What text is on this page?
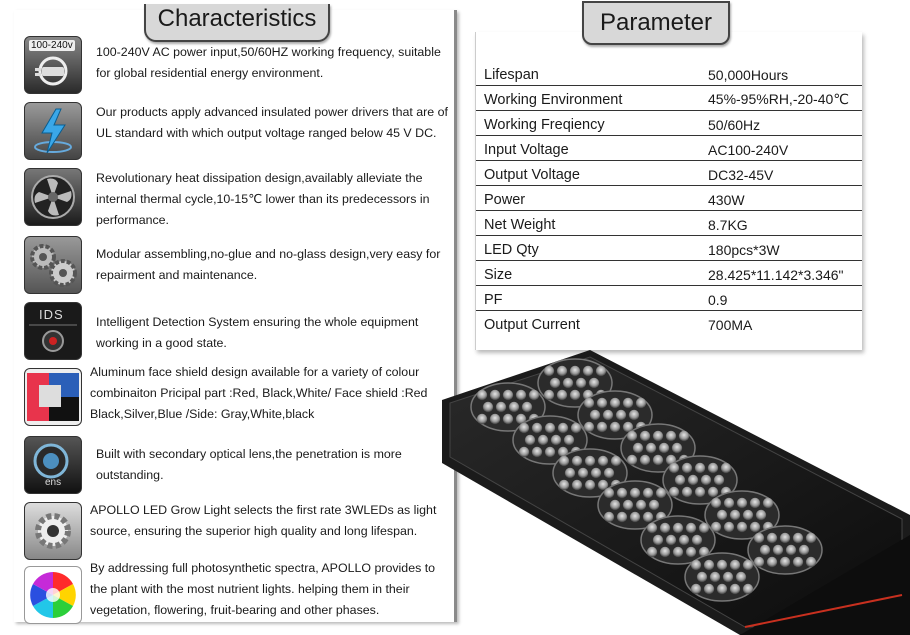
Characteristics
100-240v 100-240V AC power input,50/60HZ working frequency, suitable for global residential energy environment.
Our products apply advanced insulated power drivers that are of UL standard with which output voltage ranged below 45 V DC.
Revolutionary heat dissipation design,availably alleviate the internal thermal cycle,10-15℃ lower than its predecessors in performance.
Modular assembling,no-glue and no-glass design,very easy for repairment and maintenance.
IDS	Intelligent Detection System ensuring the whole equipment working in a good state.
Aluminum face shield design available for a variety of colour combinaiton Pricipal part :Red, Black,White/ Face shield :Red Black,Silver,Blue /Side: Gray,White,black
ens
Built with secondary optical lens,the penetration is more outstanding.
APOLLO LED Grow Light selects the first rate 3WLEDs as light source, ensuring the superior high quality and long lifespan.
By addressing full photosynthetic spectra, APOLLO provides to the plant with the most nutrient lights. helping them in their vegetation, flowering, fruit-bearing and other phases.
Parameter
Lifespan	50,000Hours
Working Environment	45%-95%RH,-20-40℃
Working Freqiency	50/60Hz
Input Voltage	AC100-240V
Output Voltage	DC32-45V
Power	430W
Net Weight	8.7KG
LED Qty	180pcs*3W
Size	28.425*11.142*3.346"
PF	0.9
Output Current	700MA
